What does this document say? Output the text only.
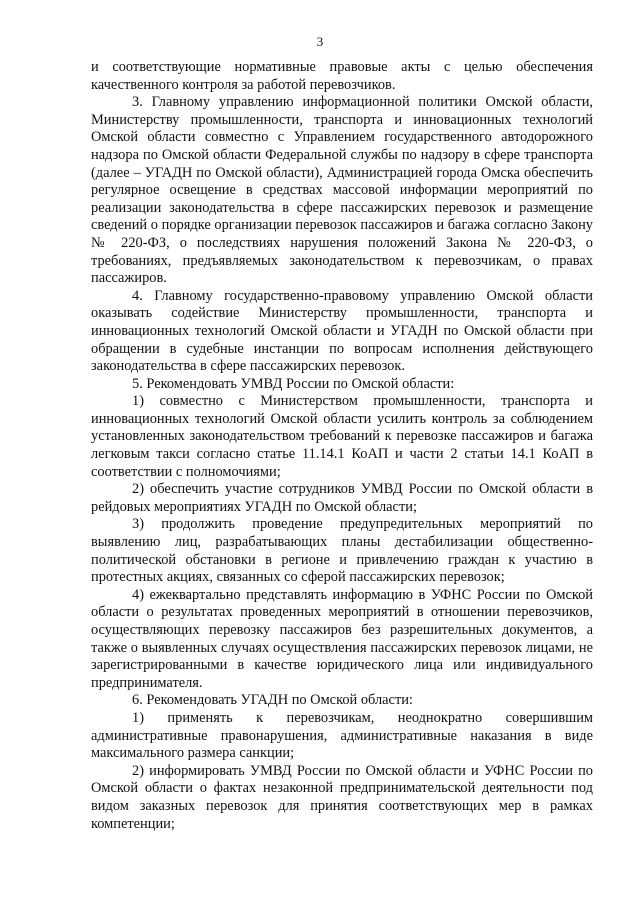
3

и соответствующие нормативные правовые акты с целью обеспечения качественного контроля за работой перевозчиков.

3. Главному управлению информационной политики Омской области, Министерству промышленности, транспорта и инновационных технологий Омской области совместно с Управлением государственного автодорожного надзора по Омской области Федеральной службы по надзору в сфере транспорта (далее – УГАДН по Омской области), Администрацией города Омска обеспечить регулярное освещение в средствах массовой информации мероприятий по реализации законодательства в сфере пассажирских перевозок и размещение сведений о порядке организации перевозок пассажиров и багажа согласно Закону № 220-ФЗ, о последствиях нарушения положений Закона № 220-ФЗ, о требованиях, предъявляемых законодательством к перевозчикам, о правах пассажиров.

4. Главному государственно-правовому управлению Омской области оказывать содействие Министерству промышленности, транспорта и инновационных технологий Омской области и УГАДН по Омской области при обращении в судебные инстанции по вопросам исполнения действующего законодательства в сфере пассажирских перевозок.

5. Рекомендовать УМВД России по Омской области:

1) совместно с Министерством промышленности, транспорта и инновационных технологий Омской области усилить контроль за соблюдением установленных законодательством требований к перевозке пассажиров и багажа легковым такси согласно статье 11.14.1 КоАП и части 2 статьи 14.1 КоАП в соответствии с полномочиями;

2) обеспечить участие сотрудников УМВД России по Омской области в рейдовых мероприятиях УГАДН по Омской области;

3) продолжить проведение предупредительных мероприятий по выявлению лиц, разрабатывающих планы дестабилизации общественно-политической обстановки в регионе и привлечению граждан к участию в протестных акциях, связанных со сферой пассажирских перевозок;

4) ежеквартально представлять информацию в УФНС России по Омской области о результатах проведенных мероприятий в отношении перевозчиков, осуществляющих перевозку пассажиров без разрешительных документов, а также о выявленных случаях осуществления пассажирских перевозок лицами, не зарегистрированными в качестве юридического лица или индивидуального предпринимателя.

6. Рекомендовать УГАДН по Омской области:

1) применять к перевозчикам, неоднократно совершившим административные правонарушения, административные наказания в виде максимального размера санкции;

2) информировать УМВД России по Омской области и УФНС России по Омской области о фактах незаконной предпринимательской деятельности под видом заказных перевозок для принятия соответствующих мер в рамках компетенции;
